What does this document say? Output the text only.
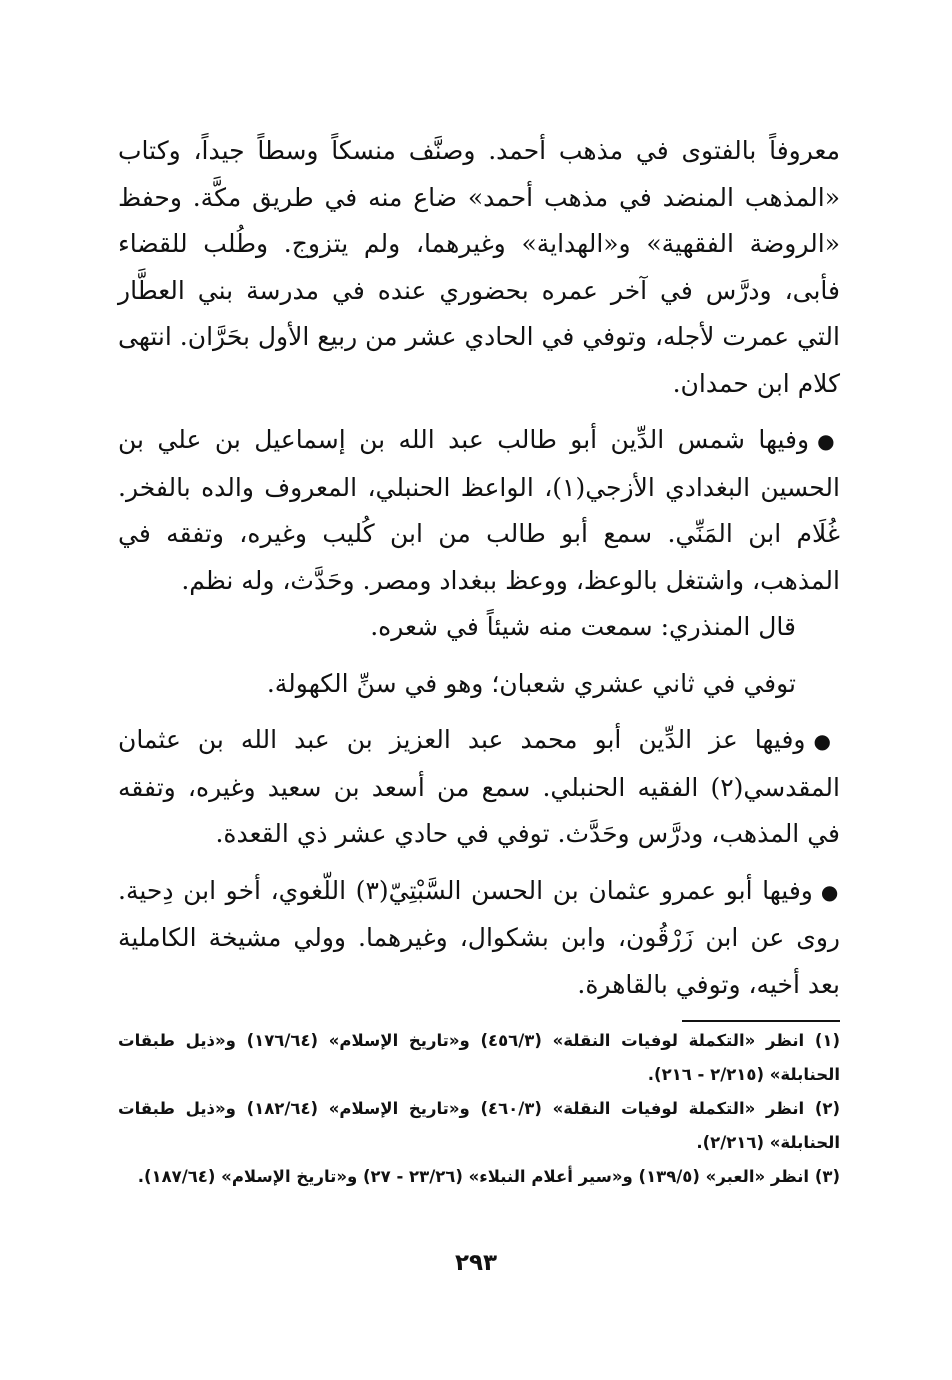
معروفاً بالفتوى في مذهب أحمد. وصنَّف منسكاً وسطاً جيداً، وكتاب «المذهب المنضد في مذهب أحمد» ضاع منه في طريق مكَّة. وحفظ «الروضة الفقهية» و«الهداية» وغيرهما، ولم يتزوج. وطُلب للقضاء فأبى، ودرَّس في آخر عمره بحضوري عنده في مدرسة بني العطَّار التي عمرت لأجله، وتوفي في الحادي عشر من ربيع الأول بحَرَّان. انتهى كلام ابن حمدان.

●وفيها شمس الدِّين أبو طالب عبد الله بن إسماعيل بن علي بن الحسين البغدادي الأزجي(١)، الواعظ الحنبلي، المعروف والده بالفخر. غُلَام ابن المَنِّي. سمع أبو طالب من ابن كُليب وغيره، وتفقه في المذهب، واشتغل بالوعظ، ووعظ ببغداد ومصر. وحَدَّث، وله نظم.

قال المنذري: سمعت منه شيئاً في شعره.

توفي في ثاني عشري شعبان؛ وهو في سنِّ الكهولة.

●وفيها عز الدِّين أبو محمد عبد العزيز بن عبد الله بن عثمان المقدسي(٢) الفقيه الحنبلي. سمع من أسعد بن سعيد وغيره، وتفقه في المذهب، ودرَّس وحَدَّث. توفي في حادي عشر ذي القعدة.

●وفيها أبو عمرو عثمان بن الحسن السَّبْتِيّ(٣) اللّغوي، أخو ابن دِحية. روى عن ابن زَرْقُون، وابن بشكوال، وغيرهما. وولي مشيخة الكاملية بعد أخيه، وتوفي بالقاهرة.

(١) انظر «التكملة لوفيات النقلة» (٤٥٦/٣) و«تاريخ الإسلام» (١٧٦/٦٤) و«ذيل طبقات الحنابلة» (٢/٢١٥ - ٢١٦).

(٢) انظر «التكملة لوفيات النقلة» (٤٦٠/٣) و«تاريخ الإسلام» (١٨٢/٦٤) و«ذيل طبقات الحنابلة» (٢/٢١٦).

(٣) انظر «العبر» (١٣٩/٥) و«سير أعلام النبلاء» (٢٣/٢٦ - ٢٧) و«تاريخ الإسلام» (١٨٧/٦٤).

٢٩٣
